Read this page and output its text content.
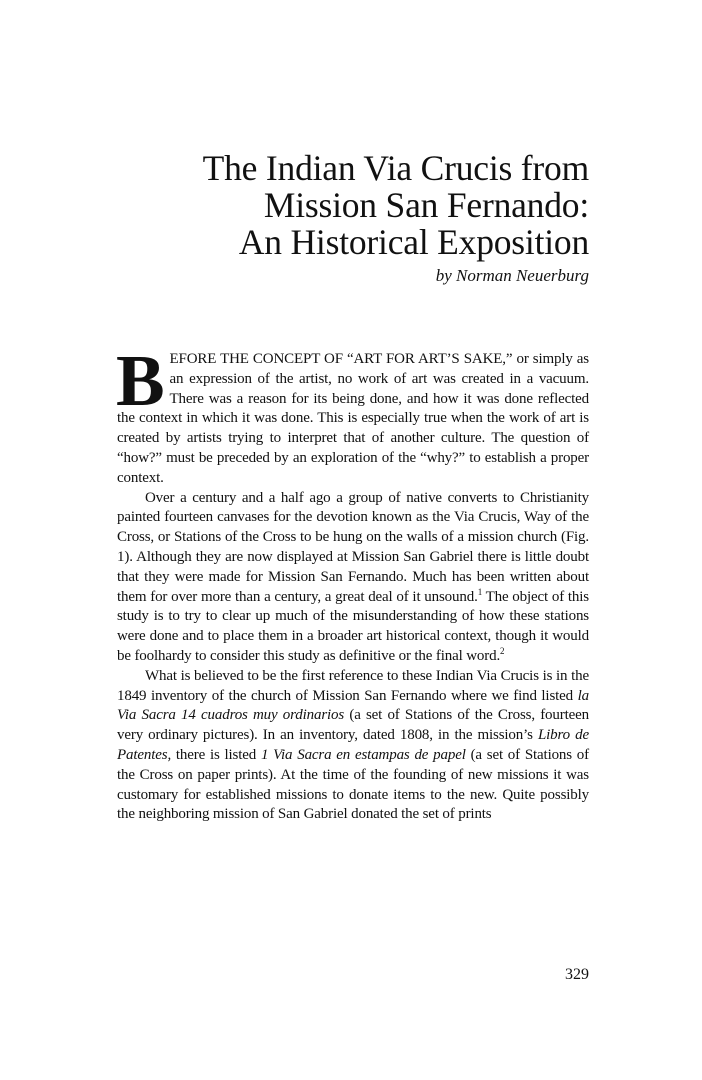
The Indian Via Crucis from
Mission San Fernando:
An Historical Exposition

by Norman Neuerburg

BEFORE THE CONCEPT OF “ART FOR ART’S SAKE,” or simply as an expression of the artist, no work of art was created in a vacuum. There was a reason for its being done, and how it was done reflected the context in which it was done. This is especially true when the work of art is created by artists trying to interpret that of another culture. The question of “how?” must be preceded by an exploration of the “why?” to establish a proper context.

Over a century and a half ago a group of native converts to Christianity painted fourteen canvases for the devotion known as the Via Crucis, Way of the Cross, or Stations of the Cross to be hung on the walls of a mission church (Fig. 1). Although they are now displayed at Mission San Gabriel there is little doubt that they were made for Mission San Fernando. Much has been written about them for over more than a century, a great deal of it unsound.$^1$ The object of this study is to try to clear up much of the misunderstanding of how these stations were done and to place them in a broader art historical context, though it would be foolhardy to consider this study as definitive or the final word.$^2$

What is believed to be the first reference to these Indian Via Crucis is in the 1849 inventory of the church of Mission San Fernando where we find listed la Via Sacra 14 cuadros muy ordinarios (a set of Stations of the Cross, fourteen very ordinary pictures). In an inventory, dated 1808, in the mission’s Libro de Patentes, there is listed 1 Via Sacra en estampas de papel (a set of Stations of the Cross on paper prints). At the time of the founding of new missions it was customary for established missions to donate items to the new. Quite possibly the neighboring mission of San Gabriel donated the set of prints

329
